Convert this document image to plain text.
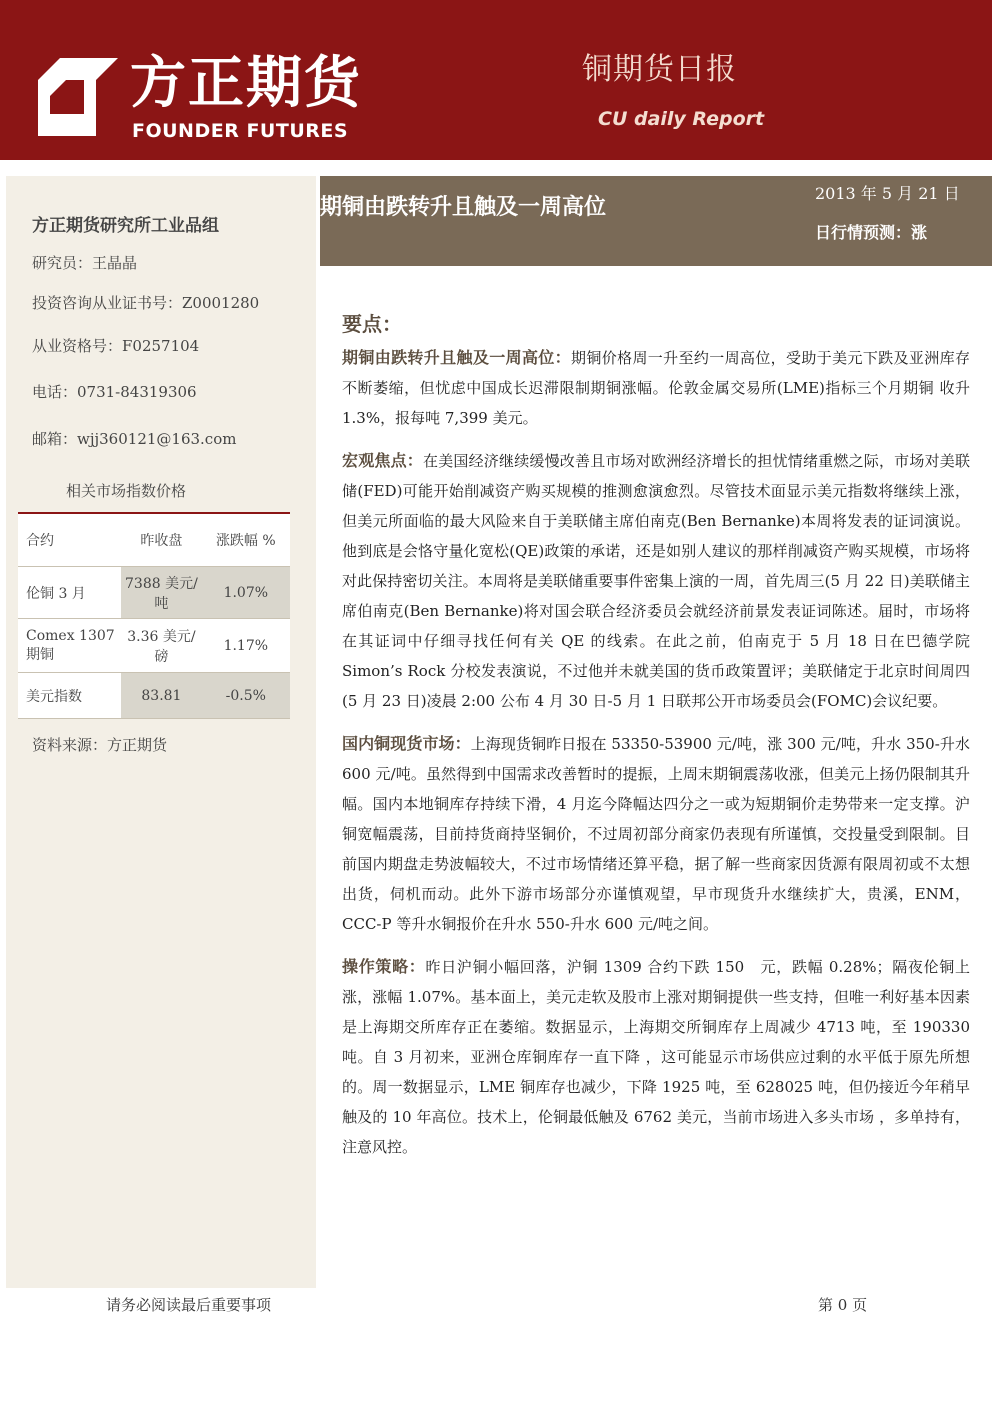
方正期货
FOUNDER FUTURES
铜期货日报
CU daily Report
方正期货研究所工业品组
研究员：王晶晶
投资咨询从业证书号：Z0001280
从业资格号：F0257104
电话：0731-84319306
邮箱：wjj360121@163.com
相关市场指数价格
合约	昨收盘	涨跌幅 %
伦铜 3 月	7388 美元/吨	1.07%
Comex 1307 期铜	3.36 美元/磅	1.17%
美元指数	83.81	-0.5%
资料来源：方正期货
期铜由跌转升且触及一周高位
2013 年 5 月 21 日
日行情预测：涨
要点：

期铜由跌转升且触及一周高位：期铜价格周一升至约一周高位，受助于美元下跌及亚洲库存不断萎缩，但忧虑中国成长迟滞限制期铜涨幅。伦敦金属交易所(LME)指标三个月期铜 收升 1.3%，报每吨 7,399 美元。

宏观焦点：在美国经济继续缓慢改善且市场对欧洲经济增长的担忧情绪重燃之际，市场对美联储(FED)可能开始削减资产购买规模的推测愈演愈烈。尽管技术面显示美元指数将继续上涨，但美元所面临的最大风险来自于美联储主席伯南克(Ben Bernanke)本周将发表的证词演说。他到底是会恪守量化宽松(QE)政策的承诺，还是如别人建议的那样削减资产购买规模，市场将对此保持密切关注。本周将是美联储重要事件密集上演的一周，首先周三(5 月 22 日)美联储主席伯南克(Ben Bernanke)将对国会联合经济委员会就经济前景发表证词陈述。届时，市场将在其证词中仔细寻找任何有关 QE 的线索。在此之前，伯南克于 5 月 18 日在巴德学院 Simon’s Rock 分校发表演说，不过他并未就美国的货币政策置评；美联储定于北京时间周四(5 月 23 日)凌晨 2:00 公布 4 月 30 日-5 月 1 日联邦公开市场委员会(FOMC)会议纪要。

国内铜现货市场：上海现货铜昨日报在 53350-53900 元/吨，涨 300 元/吨，升水 350-升水 600 元/吨。虽然得到中国需求改善暂时的提振，上周末期铜震荡收涨，但美元上扬仍限制其升幅。国内本地铜库存持续下滑，4 月迄今降幅达四分之一或为短期铜价走势带来一定支撑。沪铜宽幅震荡，目前持货商持坚铜价，不过周初部分商家仍表现有所谨慎，交投量受到限制。目前国内期盘走势波幅较大，不过市场情绪还算平稳，据了解一些商家因货源有限周初或不太想出货，伺机而动。此外下游市场部分亦谨慎观望，早市现货升水继续扩大，贵溪，ENM，CCC-P 等升水铜报价在升水 550-升水 600 元/吨之间。

操作策略：昨日沪铜小幅回落，沪铜 1309 合约下跌 150　元，跌幅 0.28%；隔夜伦铜上涨，涨幅 1.07%。基本面上，美元走软及股市上涨对期铜提供一些支持，但唯一利好基本因素是上海期交所库存正在萎缩。数据显示，上海期交所铜库存上周减少 4713 吨，至 190330 吨。自 3 月初来，亚洲仓库铜库存一直下降 ，这可能显示市场供应过剩的水平低于原先所想的。周一数据显示，LME 铜库存也减少，下降 1925 吨，至 628025 吨，但仍接近今年稍早触及的 10 年高位。技术上，伦铜最低触及 6762 美元，当前市场进入多头市场 ，多单持有，注意风控。

请务必阅读最后重要事项	第 0 页
